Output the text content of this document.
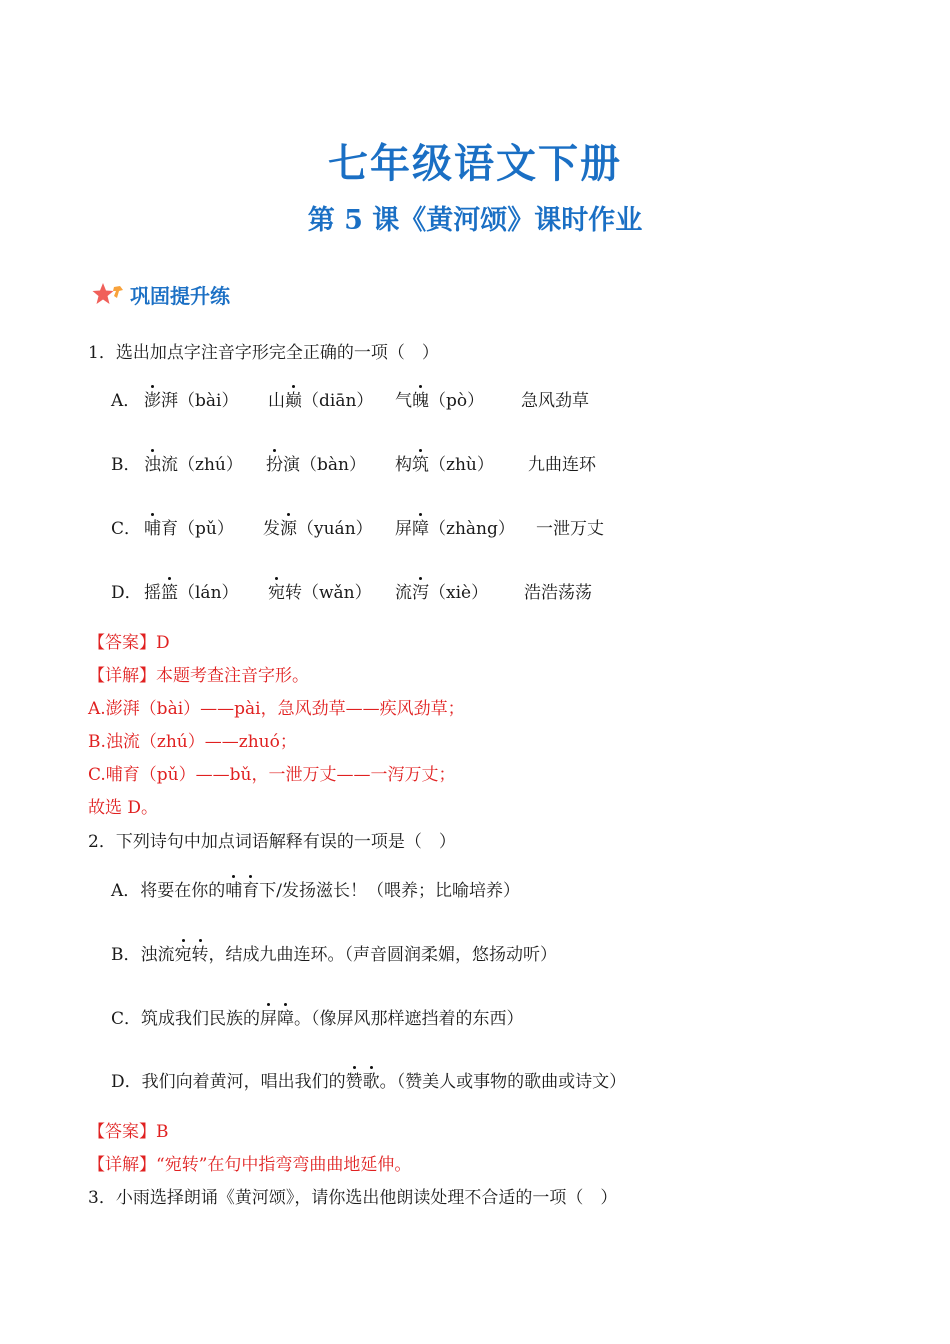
七年级语文下册
第 5 课《黄河颂》课时作业
巩固提升练
1．选出加点字注音字形完全正确的一项（　）
A． 澎湃（bài） 山巅（diān） 气魄（pò） 急风劲草
B． 浊流（zhú） 扮演（bàn） 构筑（zhù） 九曲连环
C． 哺育（pǔ） 发源（yuán） 屏障（zhàng） 一泄万丈
D． 摇篮（lán） 宛转（wǎn） 流泻（xiè） 浩浩荡荡
【答案】D
【详解】本题考查注音字形。
A.澎湃（bài）——pài，急风劲草——疾风劲草；
B.浊流（zhú）——zhuó；
C.哺育（pǔ）——bǔ，一泄万丈——一泻万丈；
故选 D。
2．下列诗句中加点词语解释有误的一项是（　）
A．将要在你的哺育下/发扬滋长！（喂养；比喻培养）
B．浊流宛转，结成九曲连环。（声音圆润柔媚，悠扬动听）
C．筑成我们民族的屏障。（像屏风那样遮挡着的东西）
D．我们向着黄河，唱出我们的赞歌。（赞美人或事物的歌曲或诗文）
【答案】B
【详解】“宛转”在句中指弯弯曲曲地延伸。
3．小雨选择朗诵《黄河颂》，请你选出他朗读处理不合适的一项（　）
